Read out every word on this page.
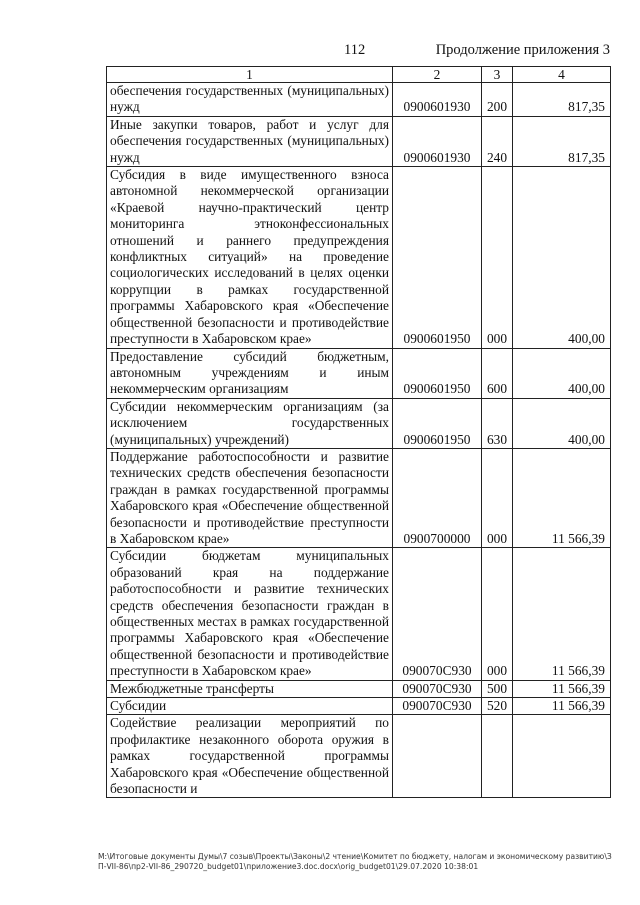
112	Продолжение приложения 3
1	2	3	4
обеспечения государственных (муниципальных) нужд	0900601930	200	817,35
Иные закупки товаров, работ и услуг для обеспечения государственных (муниципальных) нужд	0900601930	240	817,35
Субсидия в виде имущественного взноса автономной некоммерческой организации «Краевой научно-практический центр мониторинга этноконфессиональных отношений и раннего предупреждения конфликтных ситуаций» на проведение социологических исследований в целях оценки коррупции в рамках государственной программы Хабаровского края «Обеспечение общественной безопасности и противодействие преступности в Хабаровском крае»	0900601950	000	400,00
Предоставление субсидий бюджетным, автономным учреждениям и иным некоммерческим организациям	0900601950	600	400,00
Субсидии некоммерческим организациям (за исключением государственных (муниципальных) учреждений)	0900601950	630	400,00
Поддержание работоспособности и развитие технических средств обеспечения безопасности граждан в рамках государственной программы Хабаровского края «Обеспечение общественной безопасности и противодействие преступности в Хабаровском крае»	0900700000	000	11 566,39
Субсидии бюджетам муниципальных образований края на поддержание работоспособности и развитие технических средств обеспечения безопасности граждан в общественных местах в рамках государственной программы Хабаровского края «Обеспечение общественной безопасности и противодействие преступности в Хабаровском крае»	090070С930	000	11 566,39
Межбюджетные трансферты	090070С930	500	11 566,39
Субсидии	090070С930	520	11 566,39
Содействие реализации мероприятий по профилактике незаконного оборота оружия в рамках государственной программы Хабаровского края «Обеспечение общественной безопасности и			
M:\Итоговые документы Думы\7 созыв\Проекты\Законы\2 чтение\Комитет по бюджету, налогам и экономическому развитию\ЗП-VII-86\пр2-VII-86_290720_budget01\приложение3.doc.docx\orig_budget01\29.07.2020 10:38:01
